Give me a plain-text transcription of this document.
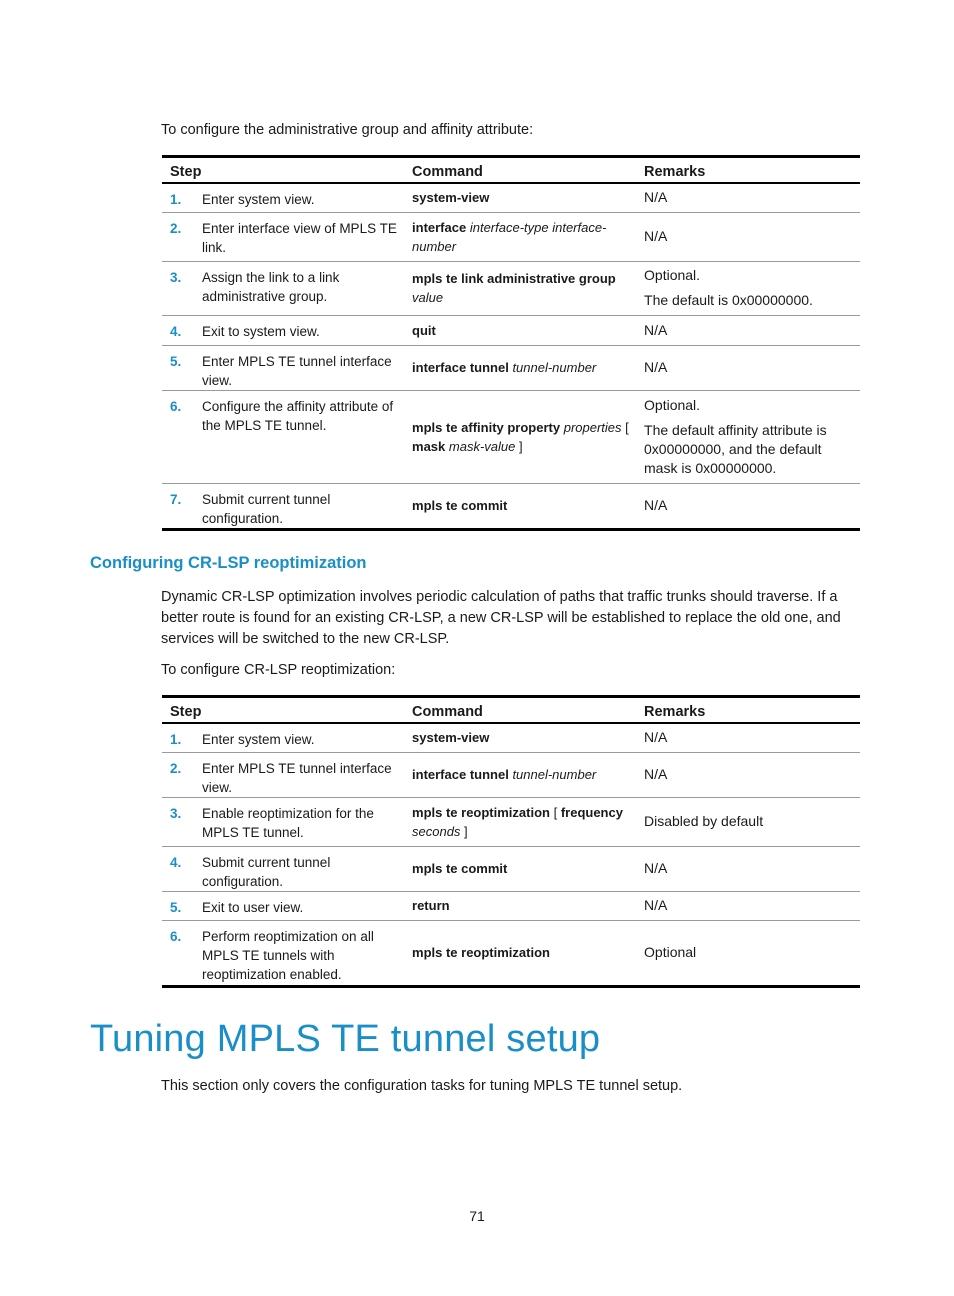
To configure the administrative group and affinity attribute:
Step		Command	Remarks
1.	Enter system view.	system-view	N/A

2.	Enter interface view of MPLS TE link.	interface interface-type interface-number	N/A

3.	Assign the link to a link administrative group.	mpls te link administrative group value	Optional.

The default is 0x00000000.

4.	Exit to system view.	quit	N/A

5.	Enter MPLS TE tunnel interface view.	interface tunnel tunnel-number	N/A

6.	Configure the affinity attribute of the MPLS TE tunnel.	mpls te affinity property properties [ mask mask-value ]	Optional.

The default affinity attribute is 0x00000000, and the default mask is 0x00000000.

7.	Submit current tunnel configuration.	mpls te commit	N/A

Configuring CR-LSP reoptimization
Dynamic CR-LSP optimization involves periodic calculation of paths that traffic trunks should traverse. If a better route is found for an existing CR-LSP, a new CR-LSP will be established to replace the old one, and services will be switched to the new CR-LSP.
To configure CR-LSP reoptimization:
Step		Command	Remarks
1.	Enter system view.	system-view	N/A

2.	Enter MPLS TE tunnel interface view.	interface tunnel tunnel-number	N/A

3.	Enable reoptimization for the MPLS TE tunnel.	mpls te reoptimization [ frequency seconds ]	Disabled by default

4.	Submit current tunnel configuration.	mpls te commit	N/A

5.	Exit to user view.	return	N/A

6.	Perform reoptimization on all MPLS TE tunnels with reoptimization enabled.	mpls te reoptimization	Optional

Tuning MPLS TE tunnel setup
This section only covers the configuration tasks for tuning MPLS TE tunnel setup.
71
